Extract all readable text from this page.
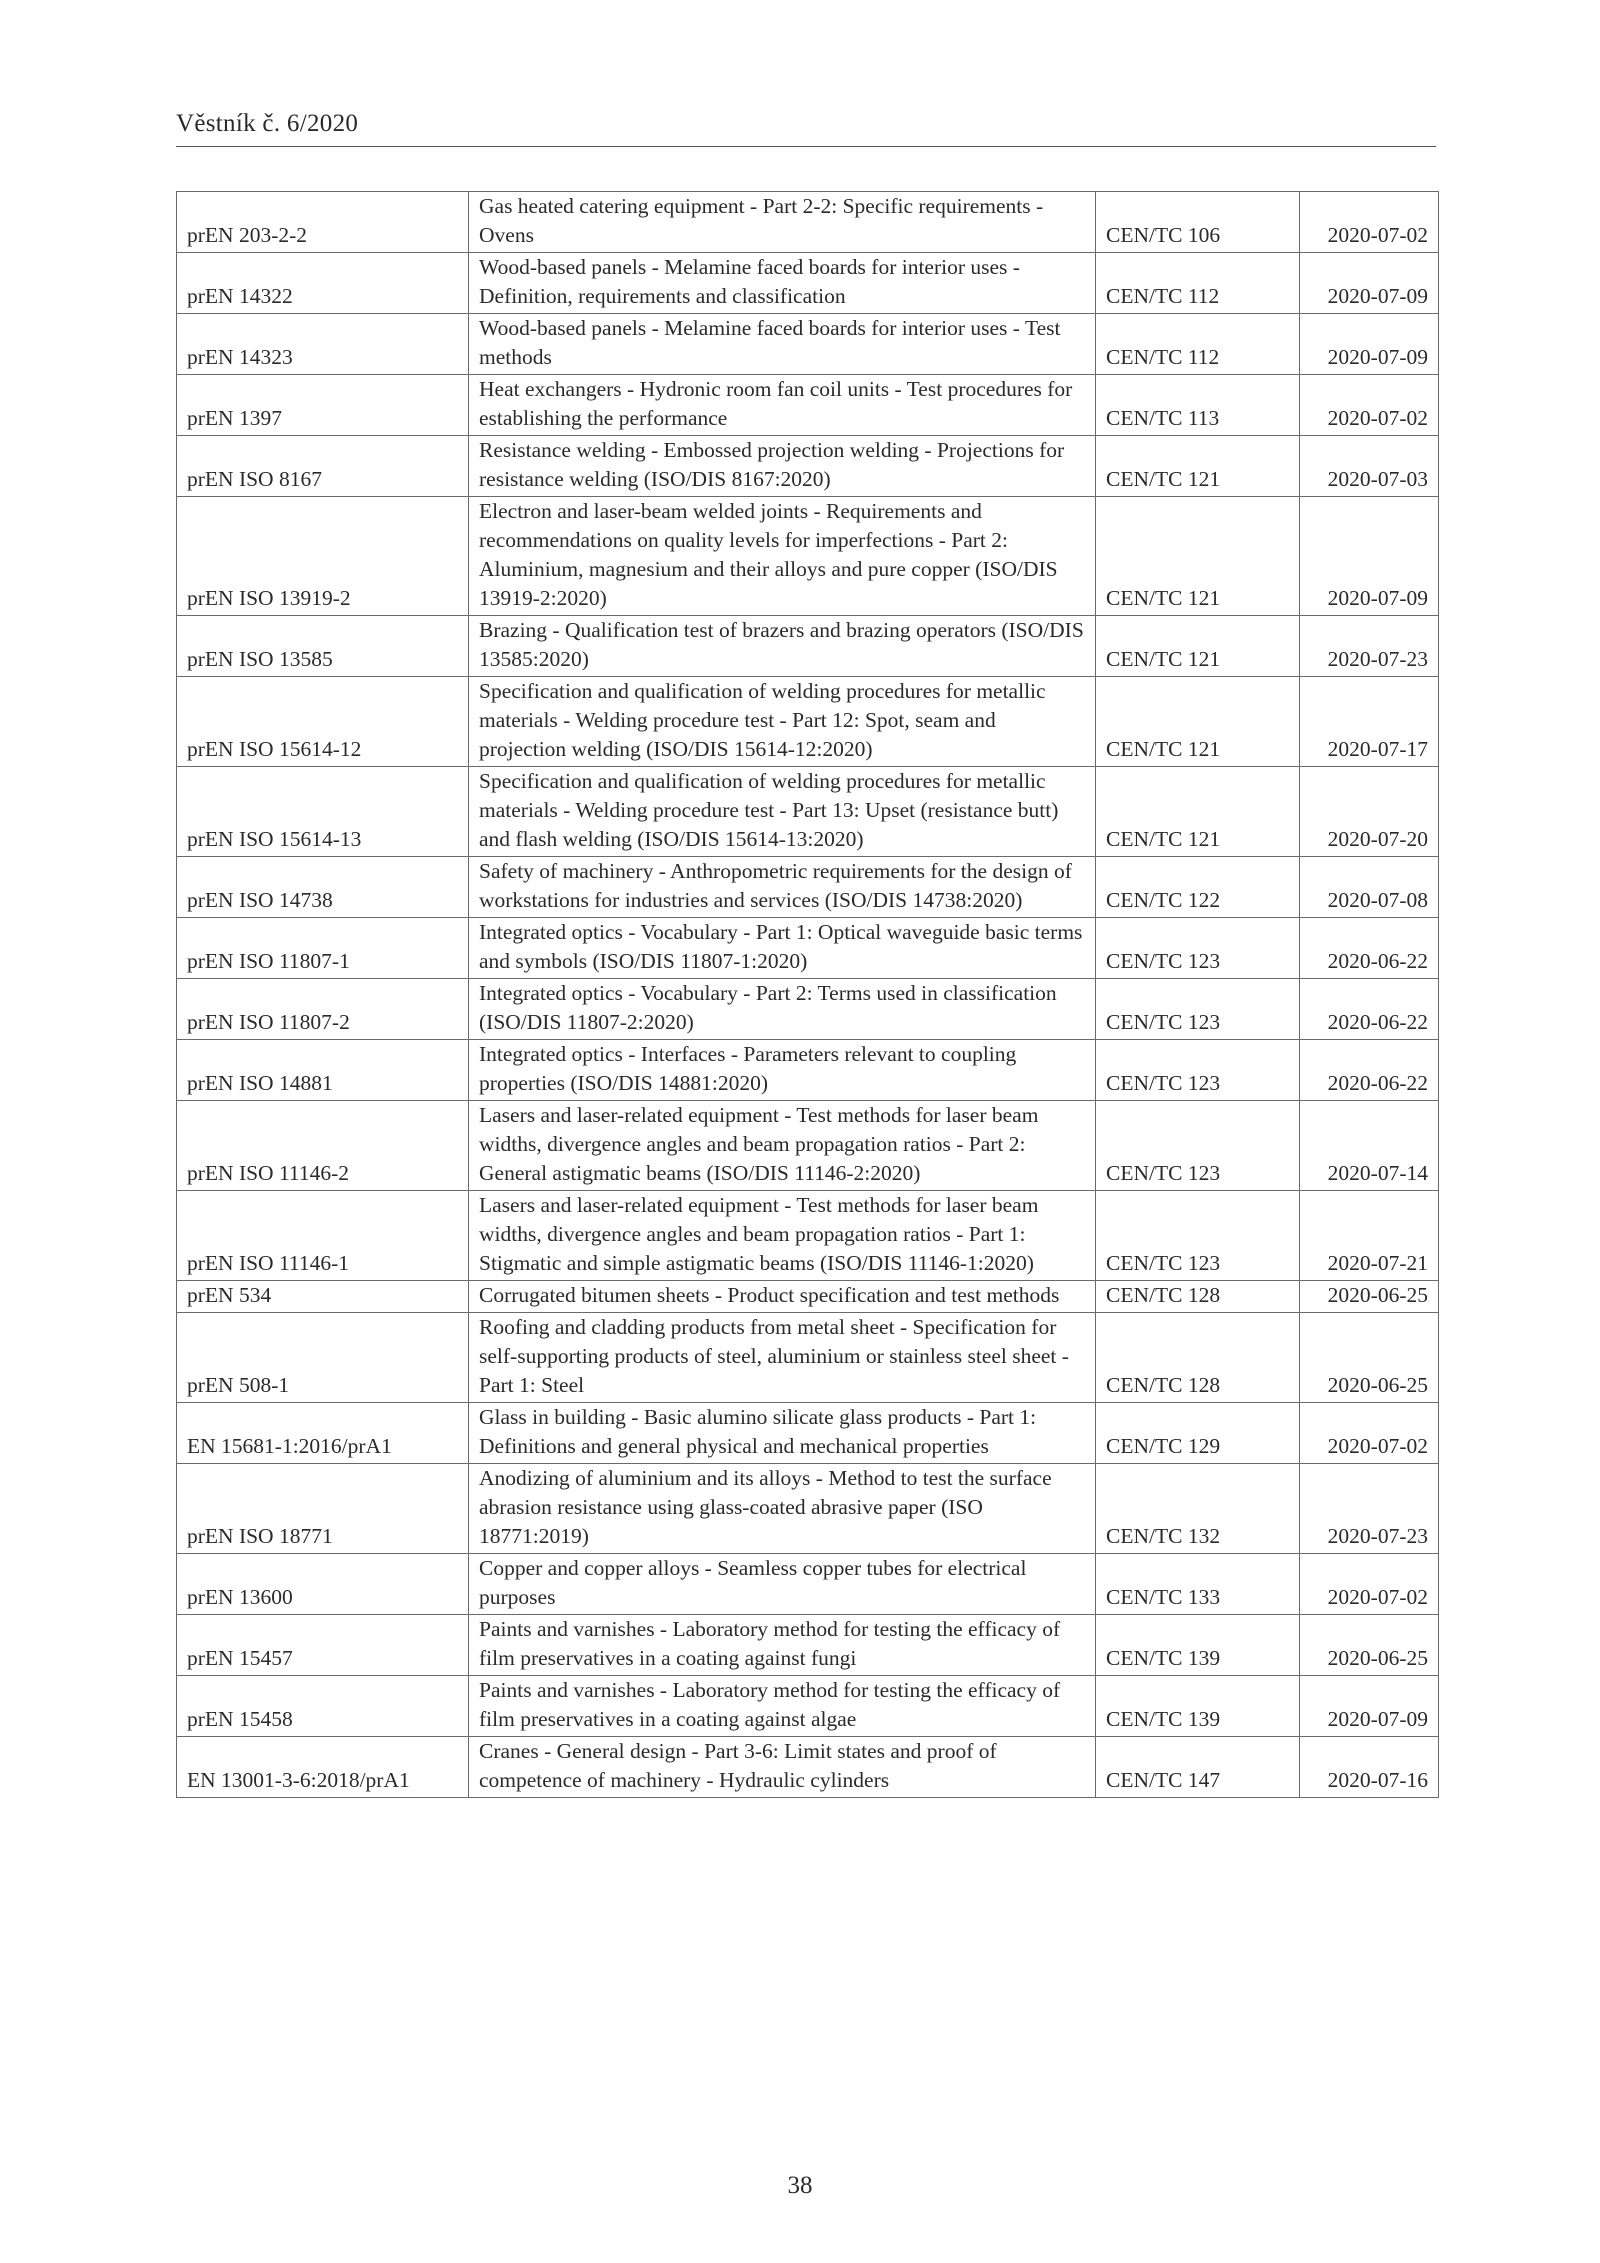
Věstník č. 6/2020
prEN 203-2-2	Gas heated catering equipment - Part 2-2: Specific requirements - Ovens	CEN/TC 106	2020-07-02
prEN 14322	Wood-based panels - Melamine faced boards for interior uses - Definition, requirements and classification	CEN/TC 112	2020-07-09
prEN 14323	Wood-based panels - Melamine faced boards for interior uses - Test methods	CEN/TC 112	2020-07-09
prEN 1397	Heat exchangers - Hydronic room fan coil units - Test procedures for establishing the performance	CEN/TC 113	2020-07-02
prEN ISO 8167	Resistance welding - Embossed projection welding - Projections for resistance welding (ISO/DIS 8167:2020)	CEN/TC 121	2020-07-03
prEN ISO 13919-2	Electron and laser-beam welded joints - Requirements and recommendations on quality levels for imperfections - Part 2: Aluminium, magnesium and their alloys and pure copper (ISO/DIS 13919-2:2020)	CEN/TC 121	2020-07-09
prEN ISO 13585	Brazing - Qualification test of brazers and brazing operators (ISO/DIS 13585:2020)	CEN/TC 121	2020-07-23
prEN ISO 15614-12	Specification and qualification of welding procedures for metallic materials - Welding procedure test - Part 12: Spot, seam and projection welding (ISO/DIS 15614-12:2020)	CEN/TC 121	2020-07-17
prEN ISO 15614-13	Specification and qualification of welding procedures for metallic materials - Welding procedure test - Part 13: Upset (resistance butt) and flash welding (ISO/DIS 15614-13:2020)	CEN/TC 121	2020-07-20
prEN ISO 14738	Safety of machinery - Anthropometric requirements for the design of workstations for industries and services (ISO/DIS 14738:2020)	CEN/TC 122	2020-07-08
prEN ISO 11807-1	Integrated optics - Vocabulary - Part 1: Optical waveguide basic terms and symbols (ISO/DIS 11807-1:2020)	CEN/TC 123	2020-06-22
prEN ISO 11807-2	Integrated optics - Vocabulary - Part 2: Terms used in classification (ISO/DIS 11807-2:2020)	CEN/TC 123	2020-06-22
prEN ISO 14881	Integrated optics - Interfaces - Parameters relevant to coupling properties (ISO/DIS 14881:2020)	CEN/TC 123	2020-06-22
prEN ISO 11146-2	Lasers and laser-related equipment - Test methods for laser beam widths, divergence angles and beam propagation ratios - Part 2: General astigmatic beams (ISO/DIS 11146-2:2020)	CEN/TC 123	2020-07-14
prEN ISO 11146-1	Lasers and laser-related equipment - Test methods for laser beam widths, divergence angles and beam propagation ratios - Part 1: Stigmatic and simple astigmatic beams (ISO/DIS 11146-1:2020)	CEN/TC 123	2020-07-21
prEN 534	Corrugated bitumen sheets - Product specification and test methods	CEN/TC 128	2020-06-25
prEN 508-1	Roofing and cladding products from metal sheet - Specification for self-supporting products of steel, aluminium or stainless steel sheet - Part 1: Steel	CEN/TC 128	2020-06-25
EN 15681-1:2016/prA1	Glass in building - Basic alumino silicate glass products - Part 1: Definitions and general physical and mechanical properties	CEN/TC 129	2020-07-02
prEN ISO 18771	Anodizing of aluminium and its alloys - Method to test the surface abrasion resistance using glass-coated abrasive paper (ISO 18771:2019)	CEN/TC 132	2020-07-23
prEN 13600	Copper and copper alloys - Seamless copper tubes for electrical purposes	CEN/TC 133	2020-07-02
prEN 15457	Paints and varnishes - Laboratory method for testing the efficacy of film preservatives in a coating against fungi	CEN/TC 139	2020-06-25
prEN 15458	Paints and varnishes - Laboratory method for testing the efficacy of film preservatives in a coating against algae	CEN/TC 139	2020-07-09
EN 13001-3-6:2018/prA1	Cranes - General design - Part 3-6: Limit states and proof of competence of machinery - Hydraulic cylinders	CEN/TC 147	2020-07-16
38
